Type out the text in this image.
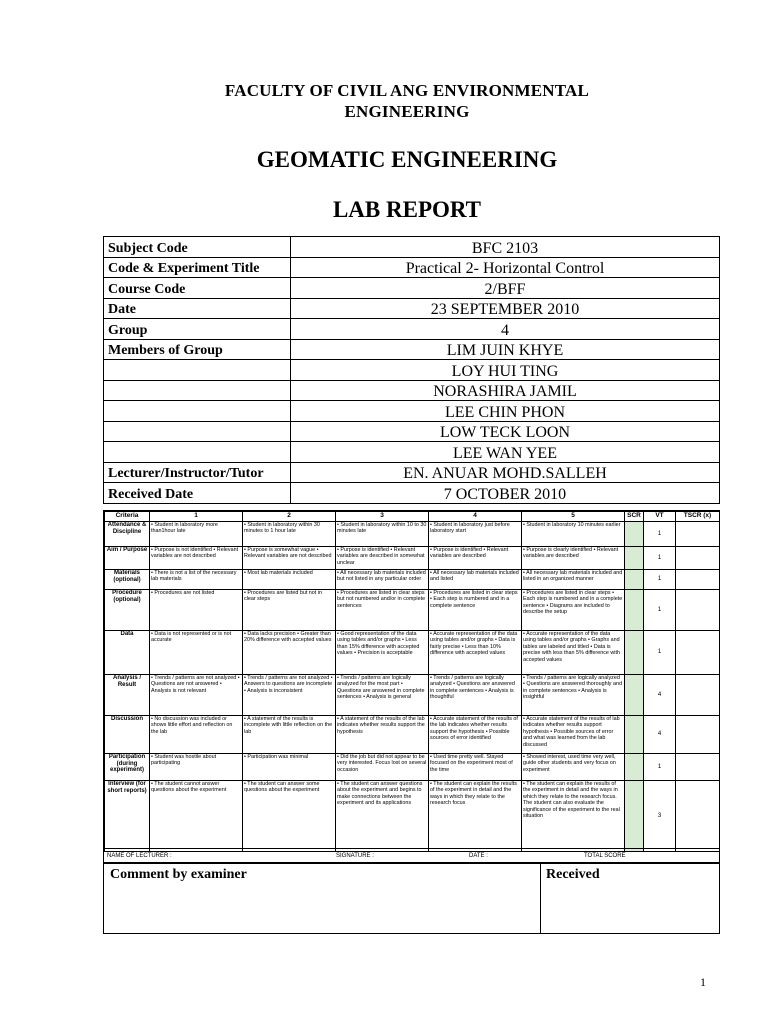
FACULTY OF CIVIL ANG ENVIRONMENTAL
ENGINEERING
GEOMATIC ENGINEERING
LAB REPORT
Subject Code	BFC 2103
Code & Experiment Title	Practical 2- Horizontal Control
Course Code	2/BFF
Date	23 SEPTEMBER 2010
Group	4
Members of Group	LIM JUIN KHYE
	LOY HUI TING
	NORASHIRA JAMIL
	LEE CHIN PHON
	LOW TECK LOON
	LEE WAN YEE
Lecturer/Instructor/Tutor	EN. ANUAR MOHD.SALLEH
Received Date	7 OCTOBER 2010
Criteria	1	2	3	4	5	SCR	VT	TSCR (x)
Attendance & Discipline	• Student in laboratory more than1hour late	• Student in laboratory within 30 minutes to 1 hour late	• Student in laboratory within 10 to 30 minutes late	• Student in laboratory just before laboratory start	• Student in laboratory 10 minutes earlier		1	
Aim / Purpose	• Purpose is not identified • Relevant variables are not described	• Purpose is somewhat vague • Relevant variables are not described	• Purpose is identified • Relevant variables are described in somewhat unclear	• Purpose is identified • Relevant variables are described	• Purpose is clearly identified • Relevant variables are described		1	
Materials (optional)	• There is not a list of the necessary lab materials	• Most lab materials included	• All necessary lab materials included but not listed in any particular order	• All necessary lab materials included and listed	• All necessary lab materials included and listed in an organized manner		1	
Procedure (optional)	• Procedures are not listed	• Procedures are listed but not in clear steps	• Procedures are listed in clear steps but not numbered and/or in complete sentences	• Procedures are listed in clear steps • Each step is numbered and in a complete sentence	• Procedures are listed in clear steps • Each step is numbered and in a complete sentence • Diagrams are included to describe the setup		1	
Data	• Data is not represented or is not accurate	• Data lacks precision • Greater than 20% difference with accepted values	• Good representation of the data using tables and/or graphs • Less than 15% difference with accepted values • Precision is acceptable	• Accurate representation of the data using tables and/or graphs • Data is fairly precise • Less than 10% difference with accepted values	• Accurate representation of the data using tables and/or graphs • Graphs and tables are labeled and titled • Data is precise with less than 5% difference with accepted values		1	
Analysis / Result	• Trends / patterns are not analyzed • Questions are not answered • Analysis is not relevant	• Trends / patterns are not analyzed • Answers to questions are incomplete • Analysis is inconsistent	• Trends / patterns are logically analyzed for the most part • Questions are answered in complete sentences • Analysis is general	• Trends / patterns are logically analyzed • Questions are answered in complete sentences • Analysis is thoughtful	• Trends / patterns are logically analyzed • Questions are answered thoroughly and in complete sentences • Analysis is insightful		4	
Discussion	• No discussion was included or shows little effort and reflection on the lab	• A statement of the results is incomplete with little reflection on the lab	• A statement of the results of the lab indicates whether results support the hypothesis	• Accurate statement of the results of the lab indicates whether results support the hypothesis • Possible sources of error identified	• Accurate statement of the results of lab indicates whether results support hypothesis • Possible sources of error and what was learned from the lab discussed		4	
Participation (during experiment)	• Student was hostile about participating	• Participation was minimal	• Did the job but did not appear to be very interested. Focus lost on several occasion	• Used time pretty well. Stayed focused on the experiment most of the time	• Showed interest, used time very well, guide other students and very focus on experiment		1	
Interview (for short reports)	• The student cannot answer questions about the experiment	• The student can answer some questions about the experiment	• The student can answer questions about the experiment and begins to make connections between the experiment and its applications	• The student can explain the results of the experiment in detail and the ways in which they relate to the research focus	• The student can explain the results of the experiment in detail and the ways in which they relate to the research focus. The student can also evaluate the significance of the experiment to the real situation		3	
NAME OF LECTURER :	SIGNATURE :	DATE :	TOTAL SCORE
Comment by examiner	Received
1
